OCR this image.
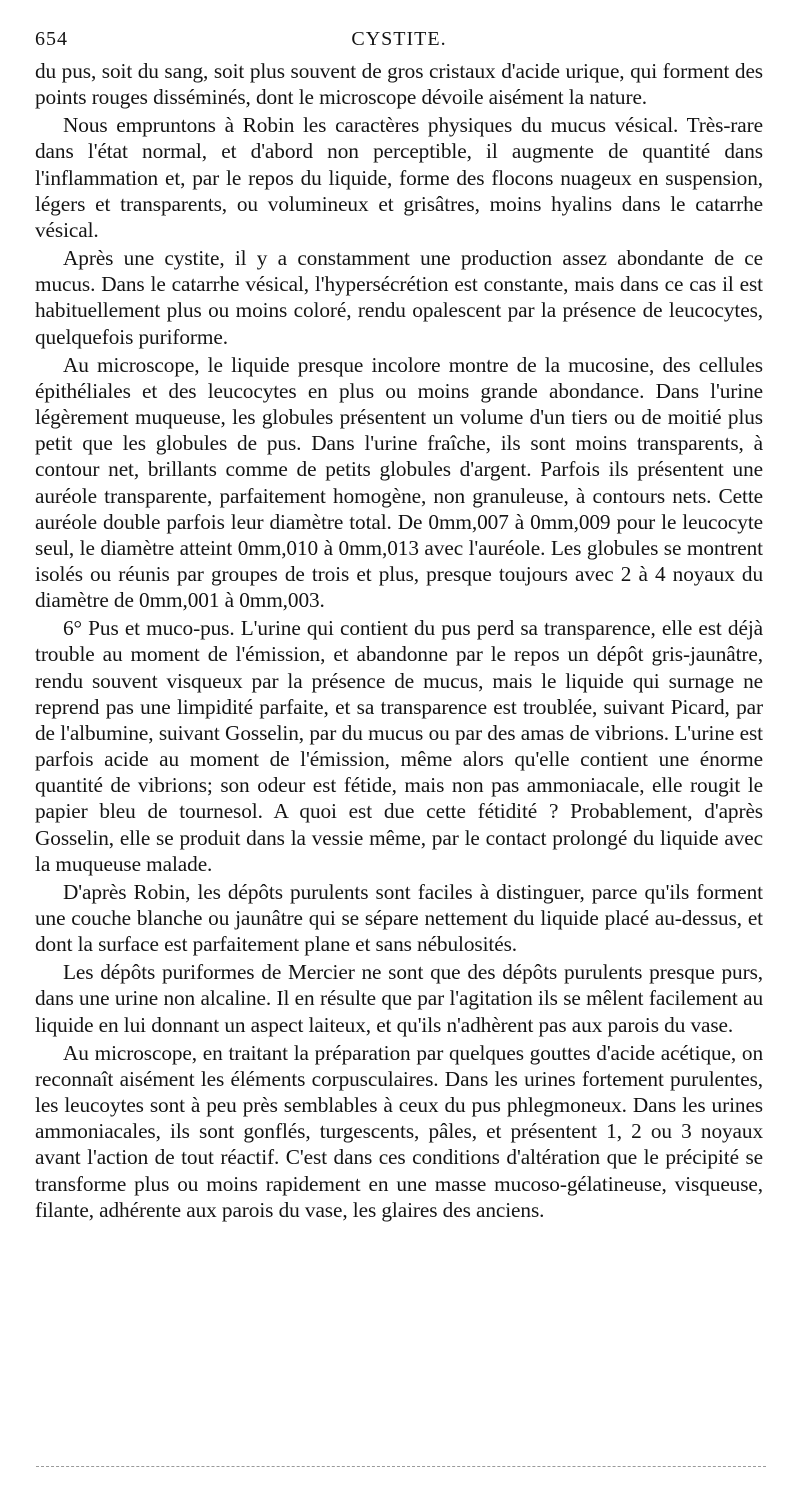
654	CYSTITE.

du pus, soit du sang, soit plus souvent de gros cristaux d'acide urique, qui forment des points rouges disséminés, dont le microscope dévoile aisément la nature.

Nous empruntons à Robin les caractères physiques du mucus vésical. Très-rare dans l'état normal, et d'abord non perceptible, il augmente de quantité dans l'inflammation et, par le repos du liquide, forme des flocons nuageux en suspension, légers et transparents, ou volumineux et grisâtres, moins hyalins dans le catarrhe vésical.

Après une cystite, il y a constamment une production assez abondante de ce mucus. Dans le catarrhe vésical, l'hypersécrétion est constante, mais dans ce cas il est habituellement plus ou moins coloré, rendu opalescent par la présence de leucocytes, quelquefois puriforme.

Au microscope, le liquide presque incolore montre de la mucosine, des cellules épithéliales et des leucocytes en plus ou moins grande abondance. Dans l'urine légèrement muqueuse, les globules présentent un volume d'un tiers ou de moitié plus petit que les globules de pus. Dans l'urine fraîche, ils sont moins transparents, à contour net, brillants comme de petits globules d'argent. Parfois ils présentent une auréole transparente, parfaitement homogène, non granuleuse, à contours nets. Cette auréole double parfois leur diamètre total. De 0mm,007 à 0mm,009 pour le leucocyte seul, le diamètre atteint 0mm,010 à 0mm,013 avec l'auréole. Les globules se montrent isolés ou réunis par groupes de trois et plus, presque toujours avec 2 à 4 noyaux du diamètre de 0mm,001 à 0mm,003.

6° Pus et muco-pus. L'urine qui contient du pus perd sa transparence, elle est déjà trouble au moment de l'émission, et abandonne par le repos un dépôt gris-jaunâtre, rendu souvent visqueux par la présence de mucus, mais le liquide qui surnage ne reprend pas une limpidité parfaite, et sa transparence est troublée, suivant Picard, par de l'albumine, suivant Gosselin, par du mucus ou par des amas de vibrions. L'urine est parfois acide au moment de l'émission, même alors qu'elle contient une énorme quantité de vibrions; son odeur est fétide, mais non pas ammoniacale, elle rougit le papier bleu de tournesol. A quoi est due cette fétidité ? Probablement, d'après Gosselin, elle se produit dans la vessie même, par le contact prolongé du liquide avec la muqueuse malade.

D'après Robin, les dépôts purulents sont faciles à distinguer, parce qu'ils forment une couche blanche ou jaunâtre qui se sépare nettement du liquide placé au-dessus, et dont la surface est parfaitement plane et sans nébulosités.

Les dépôts puriformes de Mercier ne sont que des dépôts purulents presque purs, dans une urine non alcaline. Il en résulte que par l'agitation ils se mêlent facilement au liquide en lui donnant un aspect laiteux, et qu'ils n'adhèrent pas aux parois du vase.

Au microscope, en traitant la préparation par quelques gouttes d'acide acétique, on reconnaît aisément les éléments corpusculaires. Dans les urines fortement purulentes, les leucoytes sont à peu près semblables à ceux du pus phlegmoneux. Dans les urines ammoniacales, ils sont gonflés, turgescents, pâles, et présentent 1, 2 ou 3 noyaux avant l'action de tout réactif. C'est dans ces conditions d'altération que le précipité se transforme plus ou moins rapidement en une masse mucoso-gélatineuse, visqueuse, filante, adhérente aux parois du vase, les glaires des anciens.
